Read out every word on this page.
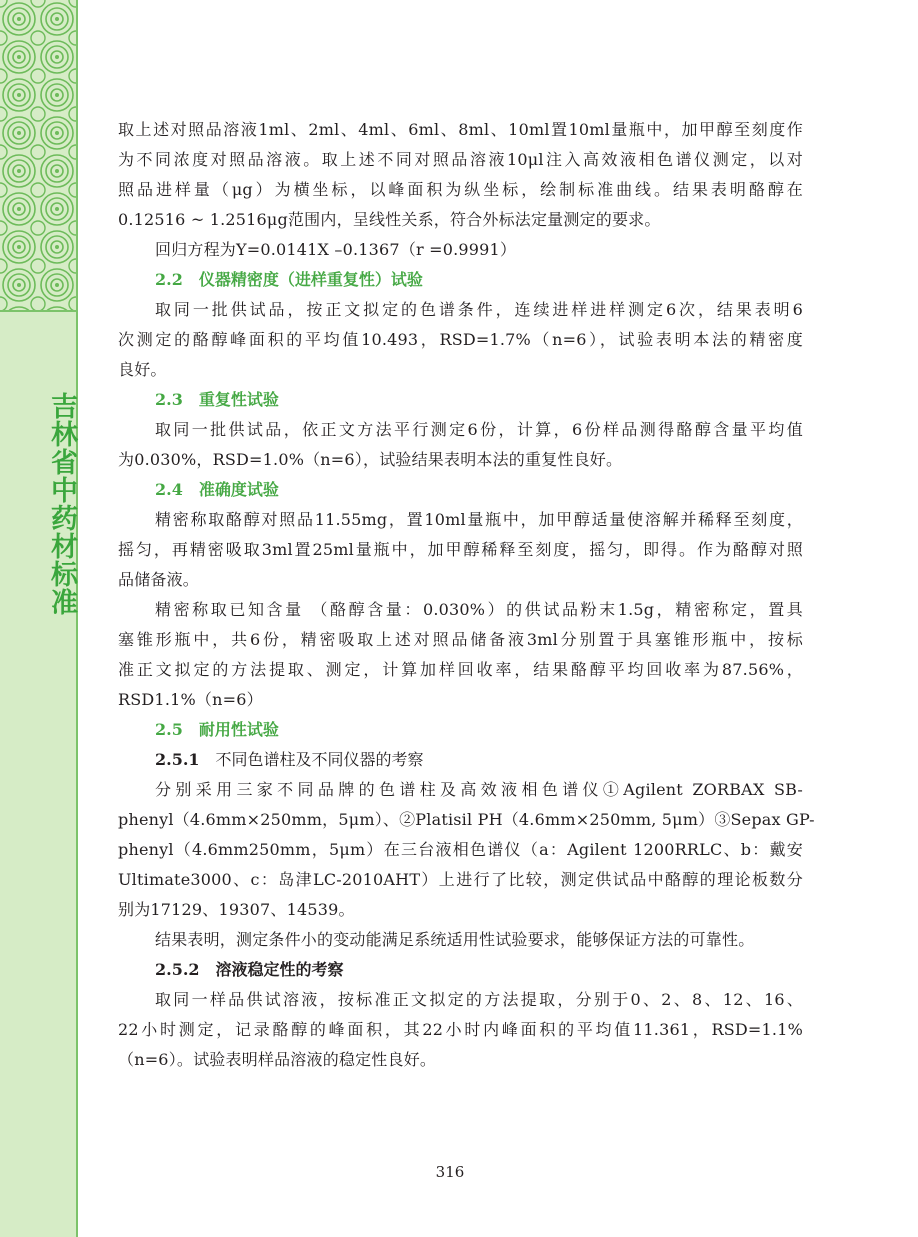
吉林省中药材标准
取上述对照品溶液1ml、2ml、4ml、6ml、8ml、10ml置10ml量瓶中，加甲醇至刻度作
为不同浓度对照品溶液。取上述不同对照品溶液10μl注入高效液相色谱仪测定，以对
照品进样量（μg）为横坐标，以峰面积为纵坐标，绘制标准曲线。结果表明酪醇在
0.12516 ~ 1.2516μg范围内，呈线性关系，符合外标法定量测定的要求。
回归方程为Y=0.0141X –0.1367（r =0.9991）
2.2 仪器精密度（进样重复性）试验
取同一批供试品，按正文拟定的色谱条件，连续进样进样测定6次，结果表明6
次测定的酪醇峰面积的平均值10.493，RSD=1.7%（n=6），试验表明本法的精密度
良好。
2.3 重复性试验
取同一批供试品，依正文方法平行测定6份，计算，6份样品测得酪醇含量平均值
为0.030%，RSD=1.0%（n=6），试验结果表明本法的重复性良好。
2.4 准确度试验
精密称取酪醇对照品11.55mg，置10ml量瓶中，加甲醇适量使溶解并稀释至刻度，
摇匀，再精密吸取3ml置25ml量瓶中，加甲醇稀释至刻度，摇匀，即得。作为酪醇对照
品储备液。
精密称取已知含量 （酪醇含量：0.030%）的供试品粉末1.5g，精密称定，置具
塞锥形瓶中，共6份，精密吸取上述对照品储备液3ml分别置于具塞锥形瓶中，按标
准正文拟定的方法提取、测定，计算加样回收率，结果酪醇平均回收率为87.56%，
RSD1.1%（n=6）
2.5 耐用性试验
2.5.1 不同色谱柱及不同仪器的考察
分别采用三家不同品牌的色谱柱及高效液相色谱仪①Agilent ZORBAX SB-
phenyl（4.6mm×250mm，5μm）、②Platisil PH（4.6mm×250mm, 5μm）③Sepax GP-
phenyl（4.6mm250mm，5μm）在三台液相色谱仪（a：Agilent 1200RRLC、b：戴安
Ultimate3000、c：岛津LC-2010AHT）上进行了比较，测定供试品中酪醇的理论板数分
别为17129、19307、14539。
结果表明，测定条件小的变动能满足系统适用性试验要求，能够保证方法的可靠性。
2.5.2 溶液稳定性的考察
取同一样品供试溶液，按标准正文拟定的方法提取，分别于0、2、8、12、16、
22小时测定，记录酪醇的峰面积，其22小时内峰面积的平均值11.361，RSD=1.1%
（n=6）。试验表明样品溶液的稳定性良好。
316
